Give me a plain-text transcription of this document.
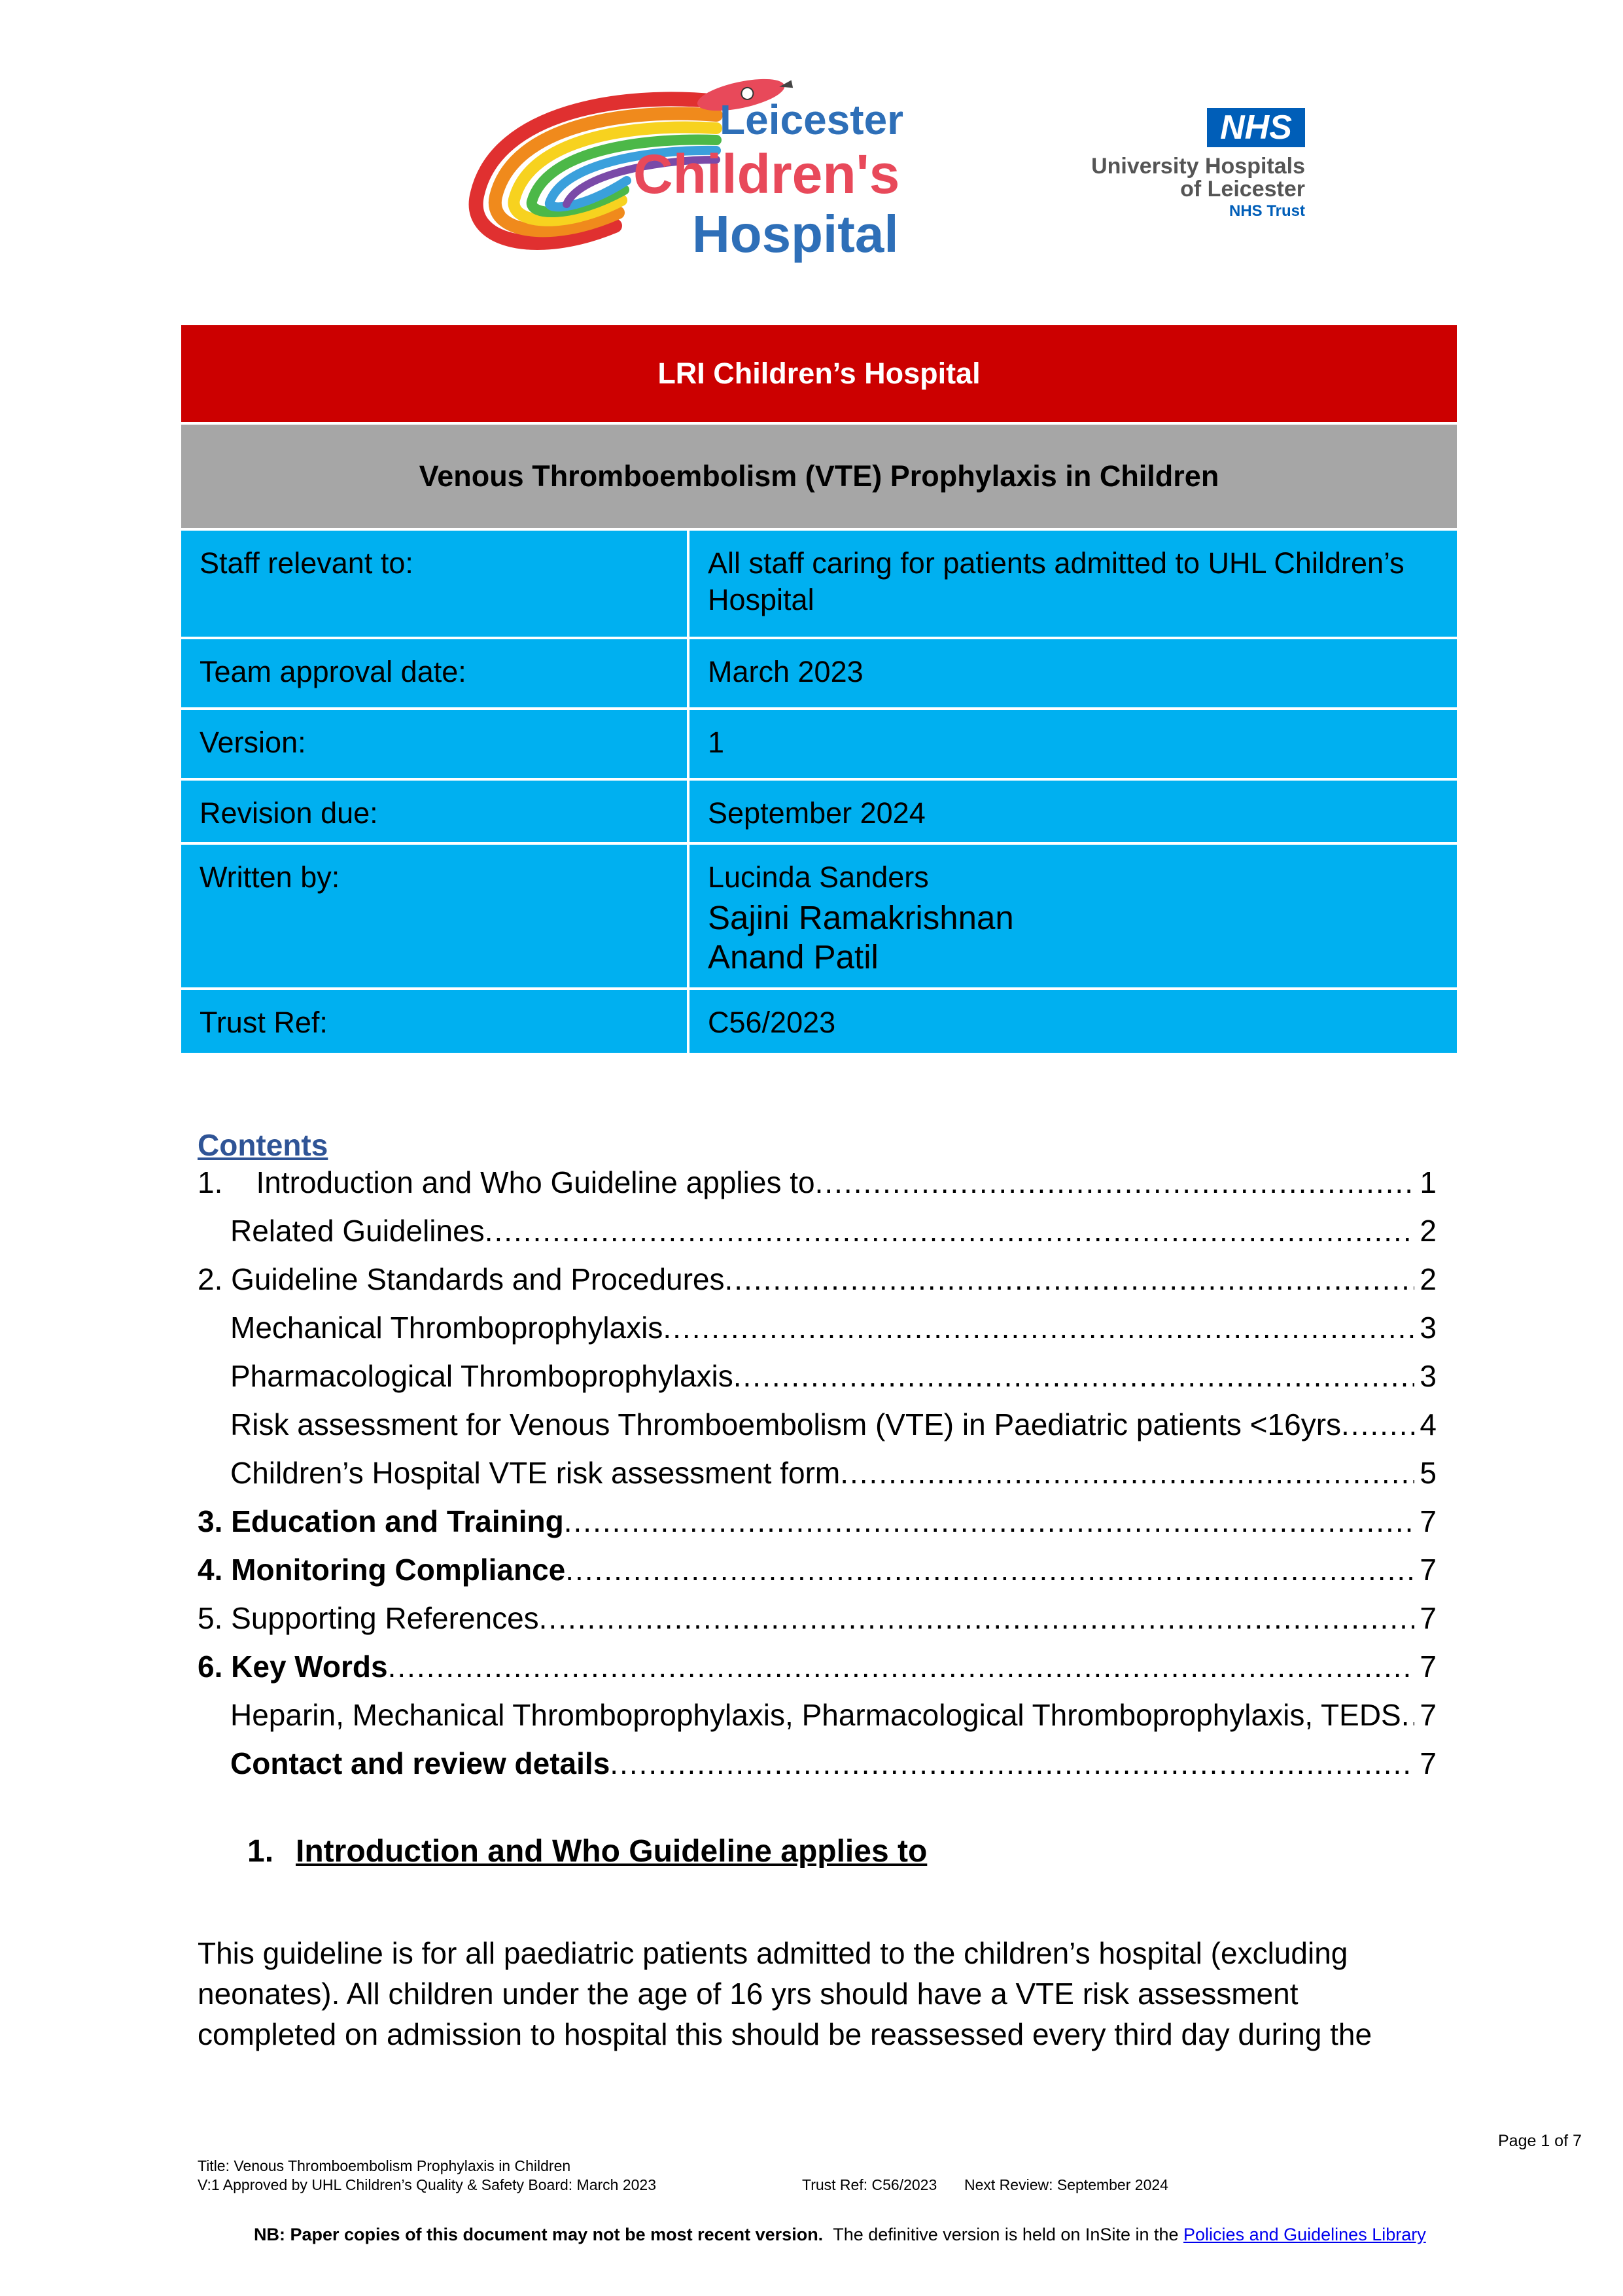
Leicester
Children's
Hospital
NHS
University Hospitals
of Leicester
NHS Trust
LRI Children’s Hospital	
Venous Thromboembolism (VTE) Prophylaxis in Children	

Staff relevant to:	All staff caring for patients admitted to UHL Children’s Hospital

Team approval date:	March 2023

Version:	1

Revision due:	September 2024

Written by:	Lucinda Sanders
Sajini Ramakrishnan
Anand Patil

Trust Ref:	C56/2023
Contents
1.    Introduction and Who Guideline applies to .....	1
Related Guidelines .....	2
2. Guideline Standards and Procedures .....	2
Mechanical Thromboprophylaxis .....	3
Pharmacological Thromboprophylaxis .....	3
Risk assessment for Venous Thromboembolism (VTE) in Paediatric patients <16yrs .....	4
Children’s Hospital VTE risk assessment form .....	5
3. Education and Training .....	7
4. Monitoring Compliance .....	7
5. Supporting References .....	7
6. Key Words .....	7
Heparin, Mechanical Thromboprophylaxis, Pharmacological Thromboprophylaxis, TEDS ..... 7
Contact and review details .....	7
1. Introduction and Who Guideline applies to
This guideline is for all paediatric patients admitted to the children’s hospital (excluding neonates). All children under the age of 16 yrs should have a VTE risk assessment completed on admission to hospital this should be reassessed every third day during the
Page 1 of 7
Title: Venous Thromboembolism Prophylaxis in Children
V:1 Approved by UHL Children’s Quality & Safety Board: March 2023	Trust Ref: C56/2023 Next Review: September 2024
NB: Paper copies of this document may not be most recent version. The definitive version is held on InSite in the Policies and Guidelines Library
